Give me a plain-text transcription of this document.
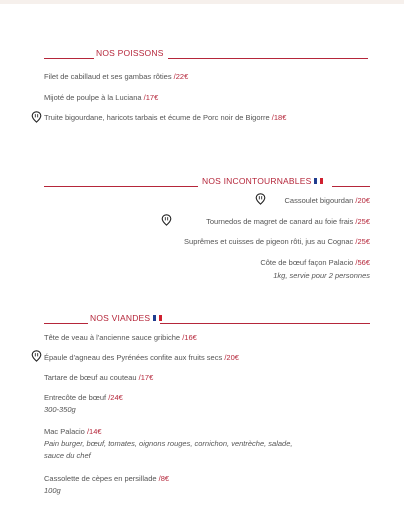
NOS POISSONS
Filet de cabillaud et ses gambas rôties /22€
Mijoté de poulpe à la Luciana /17€
Truite bigourdane, haricots tarbais et écume de Porc noir de Bigorre /18€
NOS INCONTOURNABLES
Cassoulet bigourdan /20€
Tournedos de magret de canard au foie frais /25€
Suprêmes et cuisses de pigeon rôti, jus au Cognac /25€
Côte de bœuf façon Palacio /56€
1kg, servie pour 2 personnes
NOS VIANDES
Tête de veau à l'ancienne sauce gribiche /16€
Épaule d'agneau des Pyrénées confite aux fruits secs /20€
Tartare de bœuf au couteau /17€
Entrecôte de bœuf /24€
300-350g
Mac Palacio /14€
Pain burger, bœuf, tomates, oignons rouges, cornichon, ventrèche, salade,
sauce du chef
Cassolette de cèpes en persillade /8€
100g
